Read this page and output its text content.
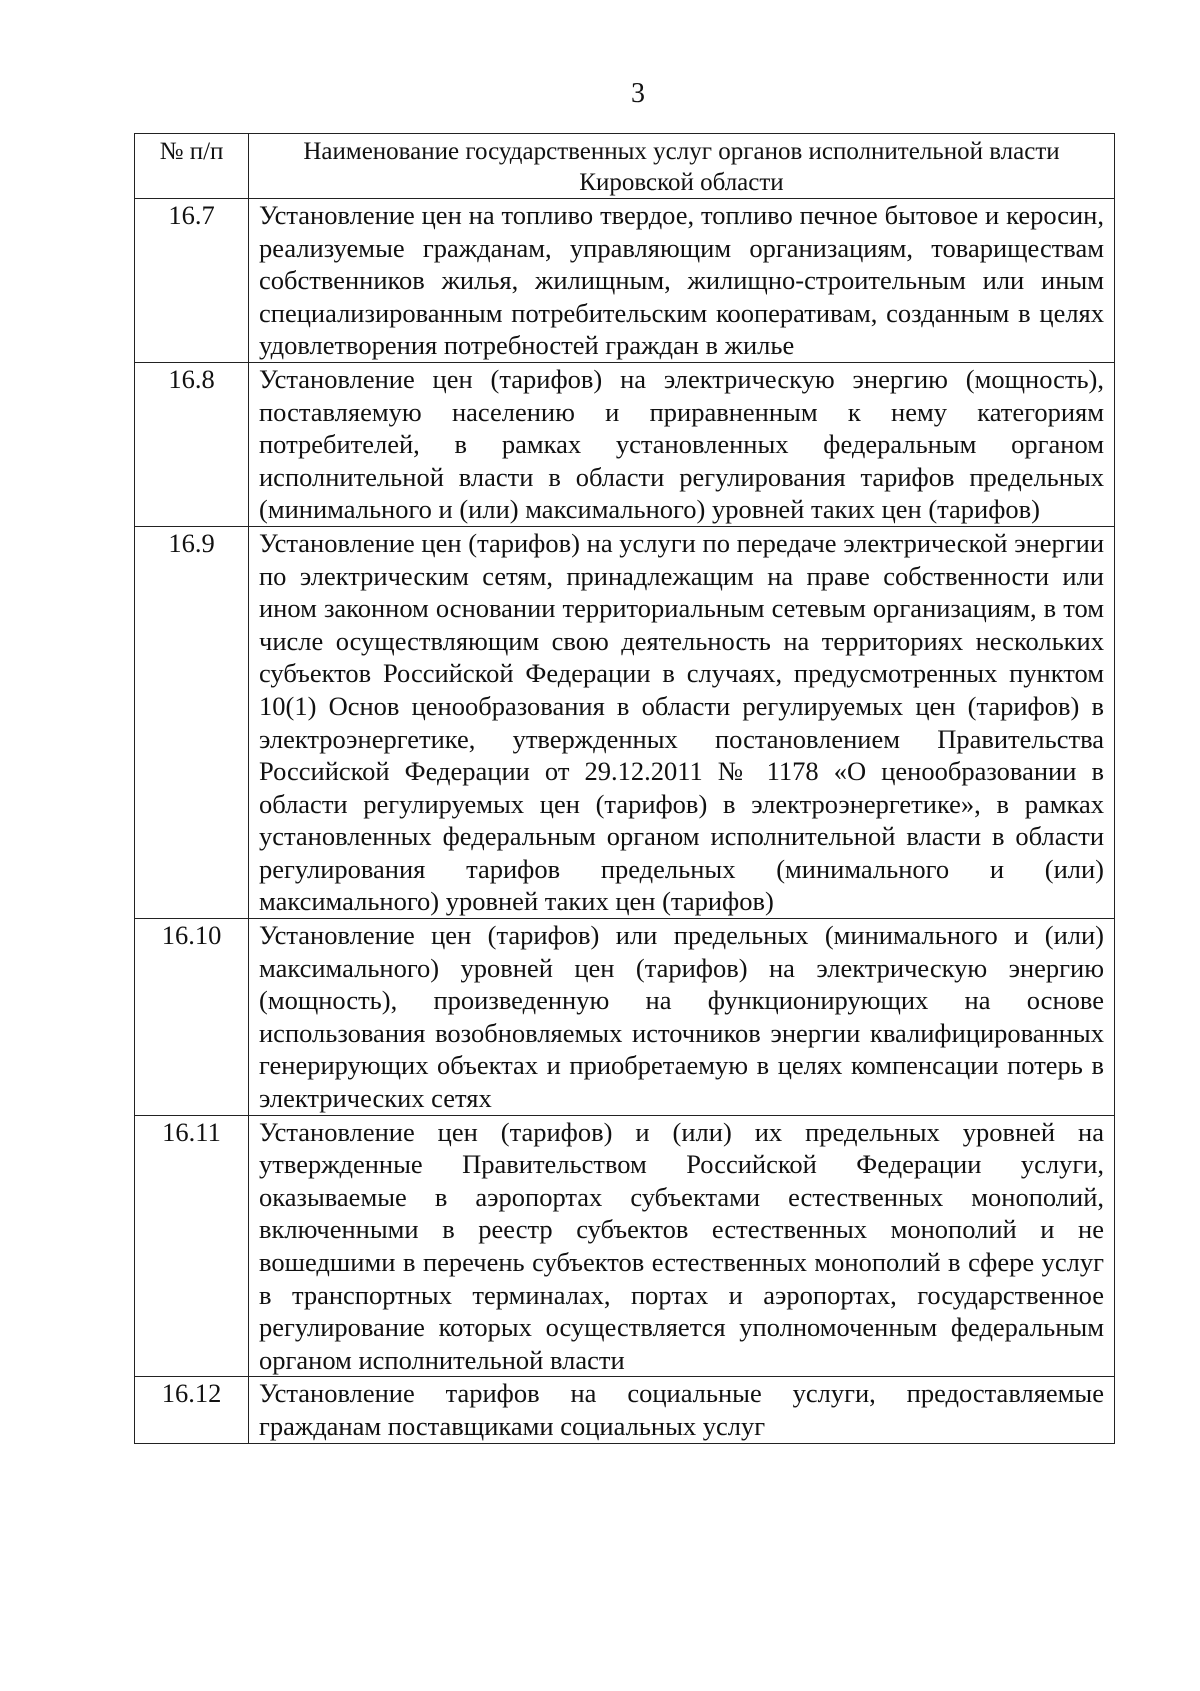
3
№ п/п	Наименование государственных услуг органов исполнительной власти Кировской области
16.7	Установление цен на топливо твердое, топливо печное бытовое и керосин, реализуемые гражданам, управляющим организациям, товариществам собственников жилья, жилищным, жилищно-строительным или иным специализированным потребительским кооперативам, созданным в целях удовлетворения потребностей граждан в жилье
16.8	Установление цен (тарифов) на электрическую энергию (мощность), поставляемую населению и приравненным к нему категориям потребителей, в рамках установленных федеральным органом исполнительной власти в области регулирования тарифов предельных (минимального и (или) максимального) уровней таких цен (тарифов)
16.9	Установление цен (тарифов) на услуги по передаче электрической энергии по электрическим сетям, принадлежащим на праве собственности или ином законном основании территориальным сетевым организациям, в том числе осуществляющим свою деятельность на территориях нескольких субъектов Российской Федерации в случаях, предусмотренных пунктом 10(1) Основ ценообразования в области регулируемых цен (тарифов) в электроэнергетике, утвержденных постановлением Правительства Российской Федерации от 29.12.2011 № 1178 «О ценообразовании в области регулируемых цен (тарифов) в электроэнергетике», в рамках установленных федеральным органом исполнительной власти в области регулирования тарифов предельных (минимального и (или) максимального) уровней таких цен (тарифов)
16.10	Установление цен (тарифов) или предельных (минимального и (или) максимального) уровней цен (тарифов) на электрическую энергию (мощность), произведенную на функционирующих на основе использования возобновляемых источников энергии квалифицированных генерирующих объектах и приобретаемую в целях компенсации потерь в электрических сетях
16.11	Установление цен (тарифов) и (или) их предельных уровней на утвержденные Правительством Российской Федерации услуги, оказываемые в аэропортах субъектами естественных монополий, включенными в реестр субъектов естественных монополий и не вошедшими в перечень субъектов естественных монополий в сфере услуг в транспортных терминалах, портах и аэропортах, государственное регулирование которых осуществляется уполномоченным федеральным органом исполнительной власти
16.12	Установление тарифов на социальные услуги, предоставляемые гражданам поставщиками социальных услуг
